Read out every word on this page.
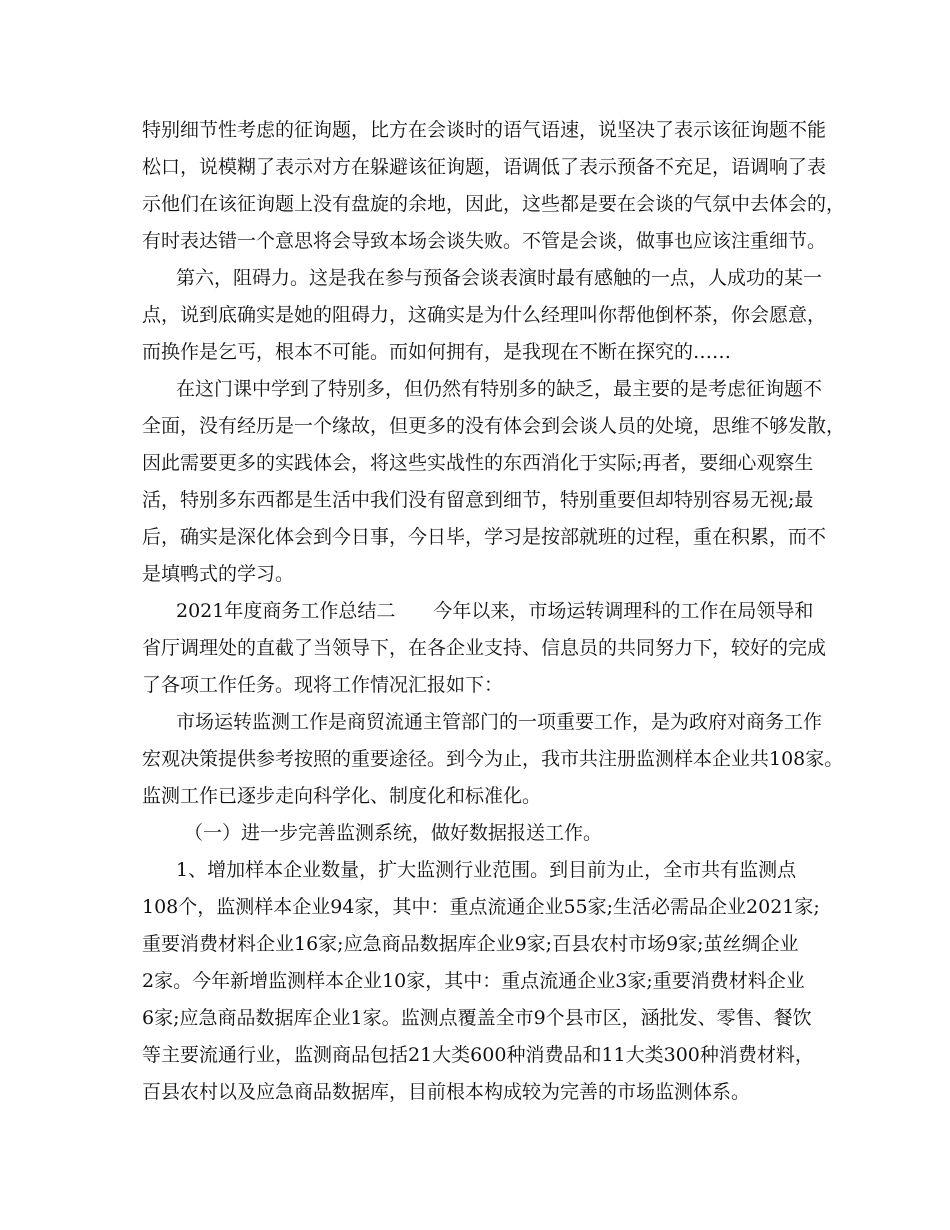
特别细节性考虑的征询题，比方在会谈时的语气语速，说坚决了表示该征询题不能
松口，说模糊了表示对方在躲避该征询题，语调低了表示预备不充足，语调响了表
示他们在该征询题上没有盘旋的余地，因此，这些都是要在会谈的气氛中去体会的，
有时表达错一个意思将会导致本场会谈失败。不管是会谈，做事也应该注重细节。
第六，阻碍力。这是我在参与预备会谈表演时最有感触的一点，人成功的某一
点，说到底确实是她的阻碍力，这确实是为什么经理叫你帮他倒杯茶，你会愿意，
而换作是乞丐，根本不可能。而如何拥有，是我现在不断在探究的……
在这门课中学到了特别多，但仍然有特别多的缺乏，最主要的是考虑征询题不
全面，没有经历是一个缘故，但更多的没有体会到会谈人员的处境，思维不够发散，
因此需要更多的实践体会，将这些实战性的东西消化于实际;再者，要细心观察生
活，特别多东西都是生活中我们没有留意到细节，特别重要但却特别容易无视;最
后，确实是深化体会到今日事，今日毕，学习是按部就班的过程，重在积累，而不
是填鸭式的学习。
2021年度商务工作总结二　　今年以来，市场运转调理科的工作在局领导和
省厅调理处的直截了当领导下，在各企业支持、信息员的共同努力下，较好的完成
了各项工作任务。现将工作情况汇报如下：
市场运转监测工作是商贸流通主管部门的一项重要工作，是为政府对商务工作
宏观决策提供参考按照的重要途径。到今为止，我市共注册监测样本企业共108家。
监测工作已逐步走向科学化、制度化和标准化。
（一）进一步完善监测系统，做好数据报送工作。
1、增加样本企业数量，扩大监测行业范围。到目前为止，全市共有监测点
108个，监测样本企业94家，其中：重点流通企业55家;生活必需品企业2021家;
重要消费材料企业16家;应急商品数据库企业9家;百县农村市场9家;茧丝绸企业
2家。今年新增监测样本企业10家，其中：重点流通企业3家;重要消费材料企业
6家;应急商品数据库企业1家。监测点覆盖全市9个县市区，涵批发、零售、餐饮
等主要流通行业，监测商品包括21大类600种消费品和11大类300种消费材料，
百县农村以及应急商品数据库，目前根本构成较为完善的市场监测体系。
